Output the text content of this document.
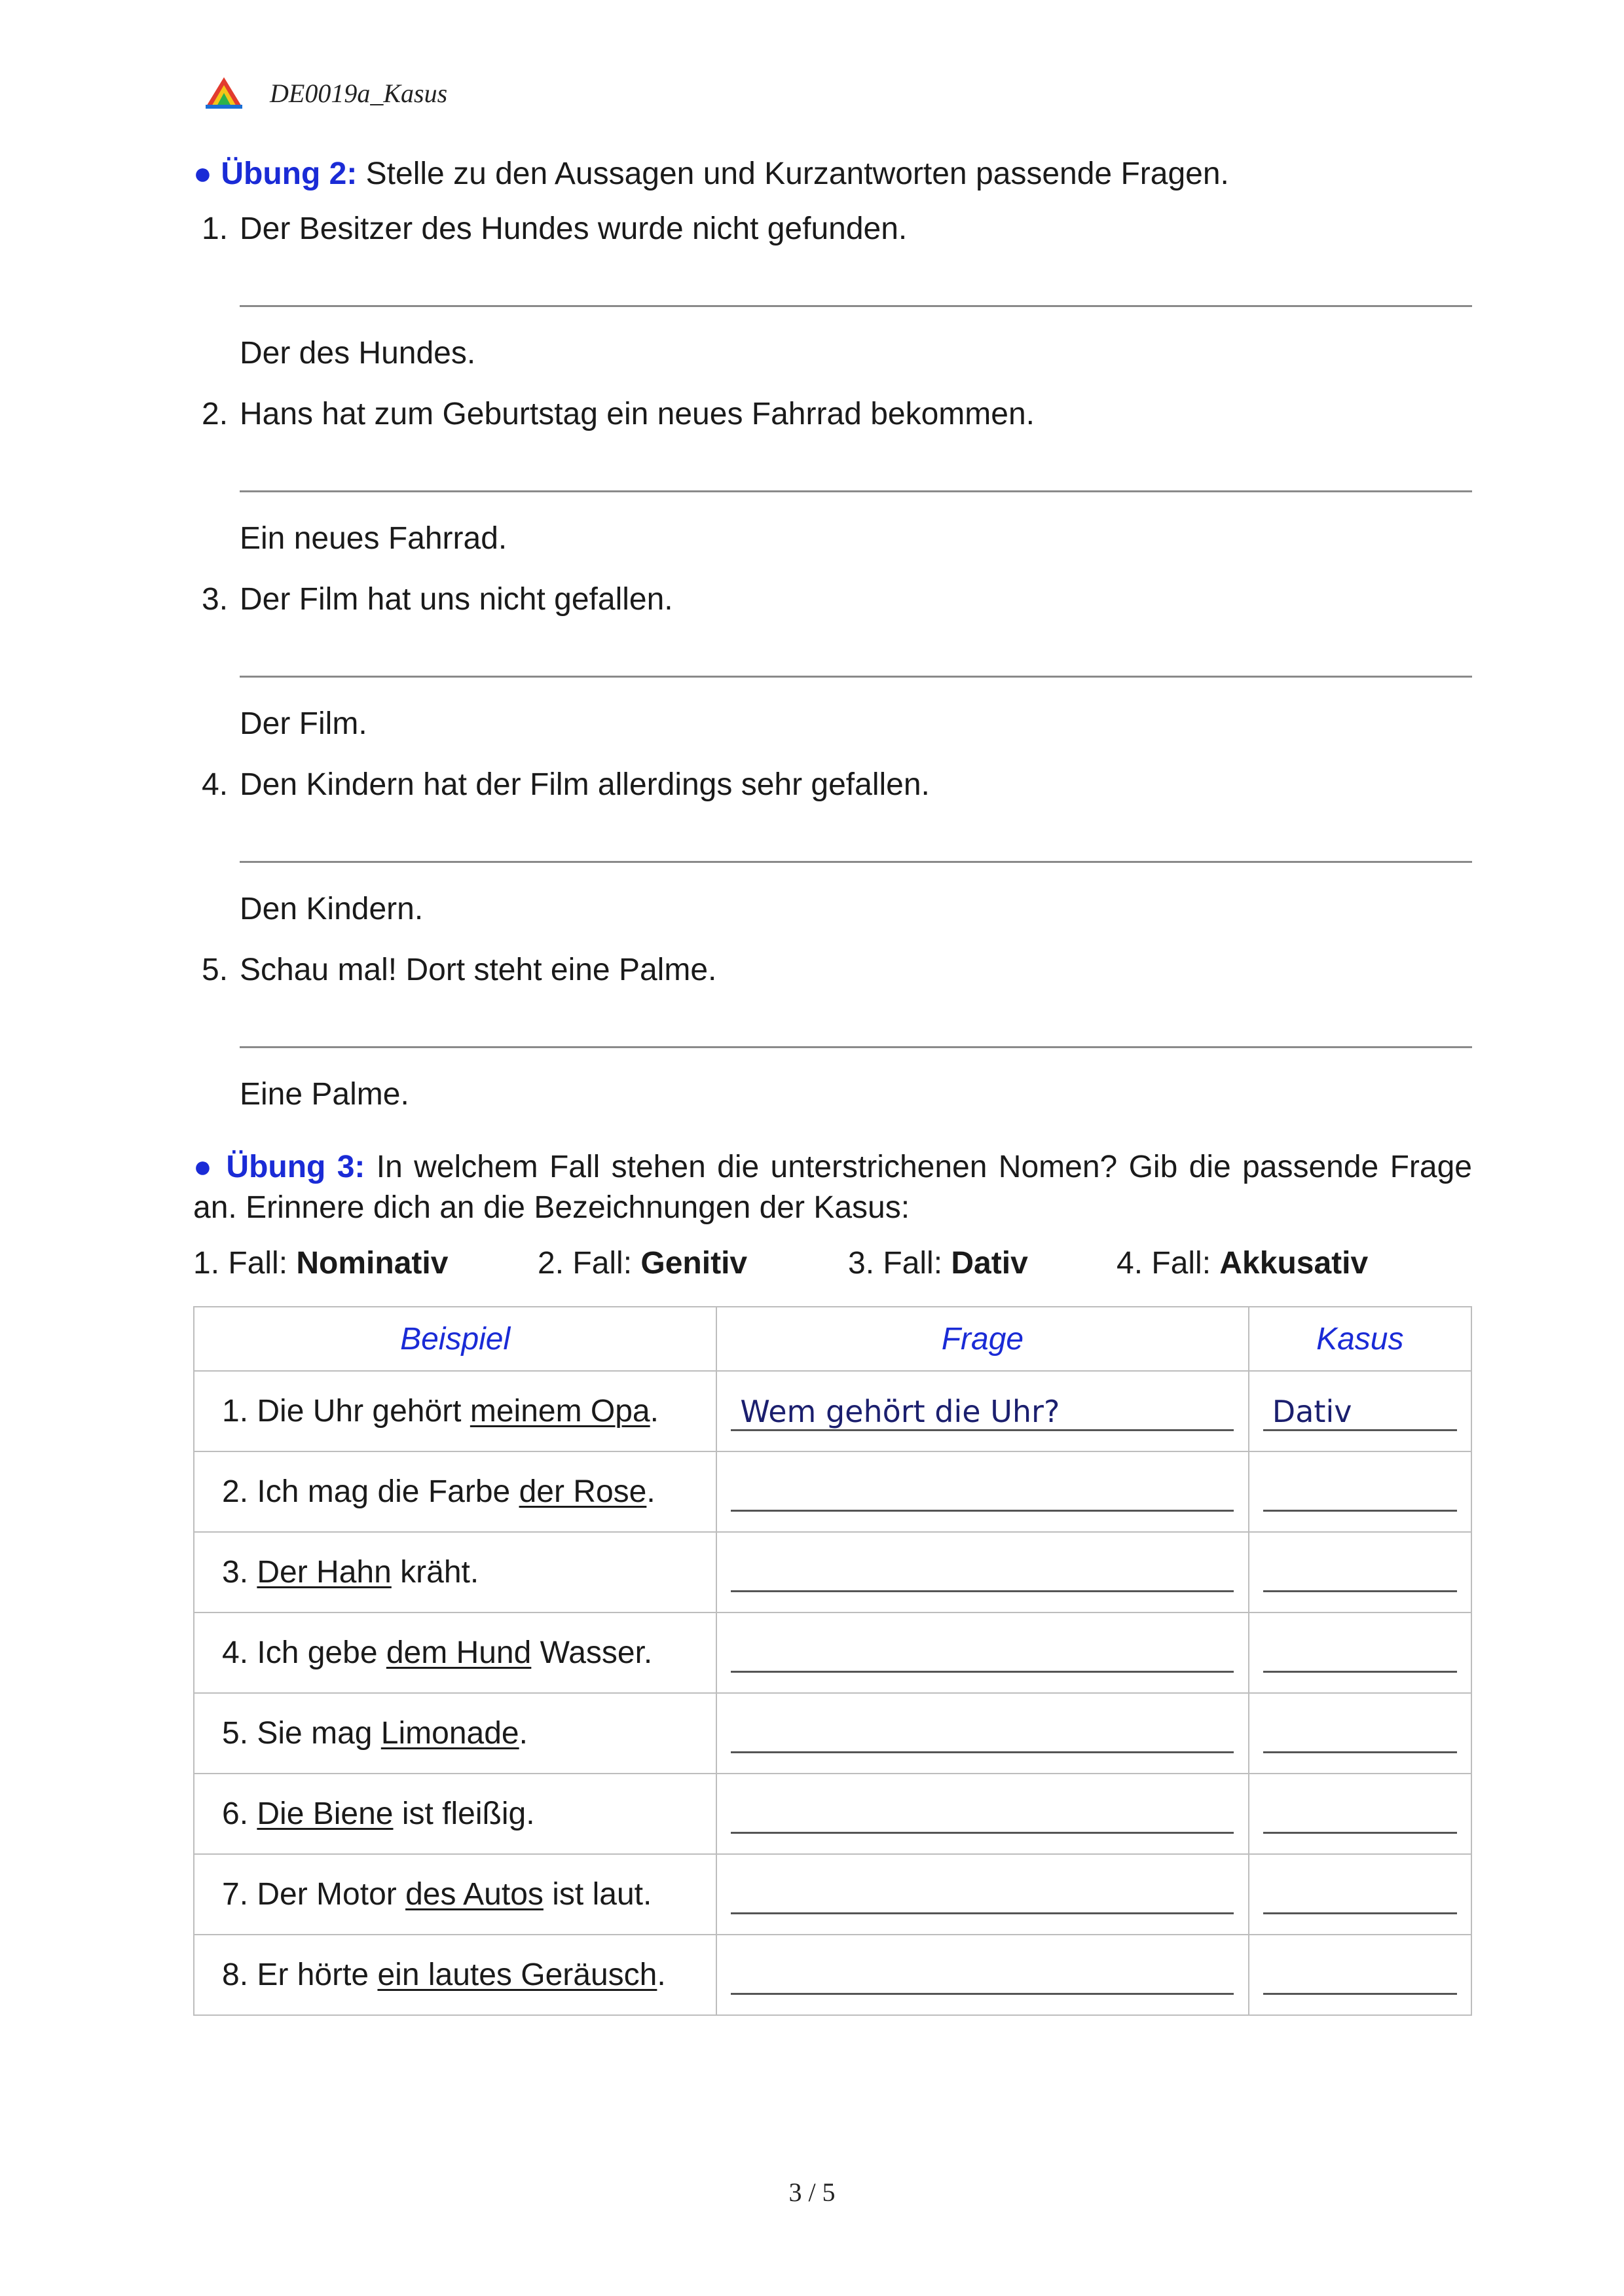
DE0019a_Kasus
● Übung 2: Stelle zu den Aussagen und Kurzantworten passende Fragen.
1. Der Besitzer des Hundes wurde nicht gefunden.
Der des Hundes.
2. Hans hat zum Geburtstag ein neues Fahrrad bekommen.
Ein neues Fahrrad.
3. Der Film hat uns nicht gefallen.
Der Film.
4. Den Kindern hat der Film allerdings sehr gefallen.
Den Kindern.
5. Schau mal! Dort steht eine Palme.
Eine Palme.
● Übung 3: In welchem Fall stehen die unterstrichenen Nomen? Gib die passende Frage an. Erinnere dich an die Bezeichnungen der Kasus:
1. Fall: Nominativ	2. Fall: Genitiv	3. Fall: Dativ	4. Fall: Akkusativ
Beispiel	Frage	Kasus
1. Die Uhr gehört meinem Opa.	Wem gehört die Uhr?	Dativ

2. Ich mag die Farbe der Rose.	

3. Der Hahn kräht.	

4. Ich gebe dem Hund Wasser.	

5. Sie mag Limonade.	

6. Die Biene ist fleißig.	

7. Der Motor des Autos ist laut.	

8. Er hörte ein lautes Geräusch.	

3 / 5
